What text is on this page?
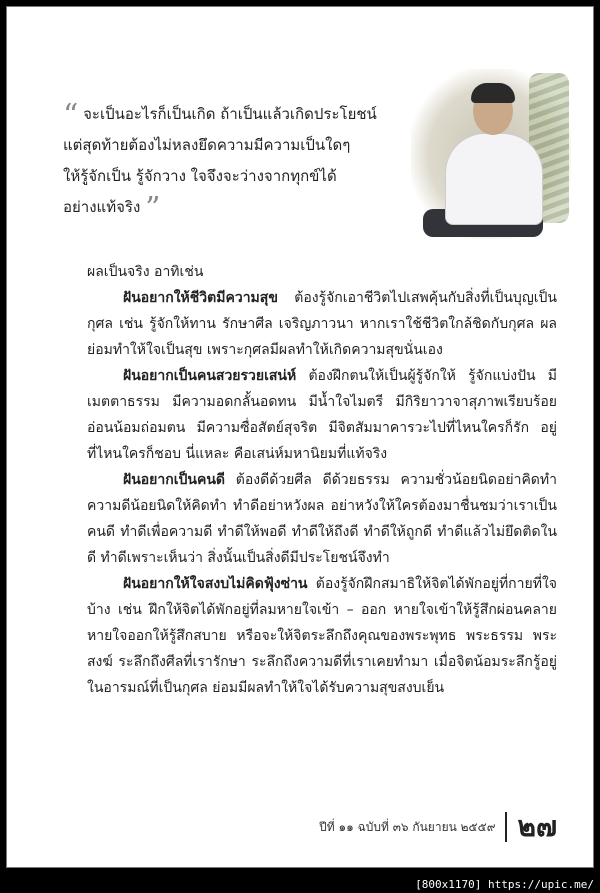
“ จะเป็นอะไรก็เป็นเกิด ถ้าเป็นแล้วเกิดประโยชน์
แต่สุดท้ายต้องไม่หลงยึดความมีความเป็นใดๆ
ให้รู้จักเป็น รู้จักวาง ใจจึงจะว่างจากทุกข์ได้
อย่างแท้จริง ”

ผลเป็นจริง อาทิเช่น

ฝันอยากให้ชีวิตมีความสุข ต้องรู้จักเอาชีวิตไปเสพคุ้นกับสิ่งที่เป็นบุญเป็นกุศล เช่น รู้จักให้ทาน รักษาศีล เจริญภาวนา หากเราใช้ชีวิตใกล้ชิดกับกุศล ผลย่อมทำให้ใจเป็นสุข เพราะกุศลมีผลทำให้เกิดความสุขนั่นเอง

ฝันอยากเป็นคนสวยรวยเสน่ห์ ต้องฝึกตนให้เป็นผู้รู้จักให้ รู้จักแบ่งปัน มีเมตตาธรรม มีความอดกลั้นอดทน มีน้ำใจไมตรี มีกิริยาวาจาสุภาพเรียบร้อย อ่อนน้อมถ่อมตน มีความซื่อสัตย์สุจริต มีจิตสัมมาคารวะไปที่ไหนใครก็รัก อยู่ที่ไหนใครก็ชอบ นี่แหละ คือเสน่ห์มหานิยมที่แท้จริง

ฝันอยากเป็นคนดี ต้องดีด้วยศีล ดีด้วยธรรม ความชั่วน้อยนิดอย่าคิดทำ ความดีน้อยนิดให้คิดทำ ทำดีอย่าหวังผล อย่าหวังให้ใครต้องมาชื่นชมว่าเราเป็นคนดี ทำดีเพื่อความดี ทำดีให้พอดี ทำดีให้ถึงดี ทำดีให้ถูกดี ทำดีแล้วไม่ยึดติดในดี ทำดีเพราะเห็นว่า สิ่งนั้นเป็นสิ่งดีมีประโยชน์จึงทำ

ฝันอยากให้ใจสงบไม่คิดฟุ้งซ่าน ต้องรู้จักฝึกสมาธิให้จิตได้พักอยู่ที่กายที่ใจบ้าง เช่น ฝึกให้จิตได้พักอยู่ที่ลมหายใจเข้า – ออก หายใจเข้าให้รู้สึกผ่อนคลาย หายใจออกให้รู้สึกสบาย หรือจะให้จิตระลึกถึงคุณของพระพุทธ พระธรรม พระสงฆ์ ระลึกถึงศีลที่เรารักษา ระลึกถึงความดีที่เราเคยทำมา เมื่อจิตน้อมระลึกรู้อยู่ในอารมณ์ที่เป็นกุศล ย่อมมีผลทำให้ใจได้รับความสุขสงบเย็น

ปีที่ ๑๑ ฉบับที่ ๓๖ กันยายน ๒๕๕๙ ๒๗
[800x1170] https://upic.me/
